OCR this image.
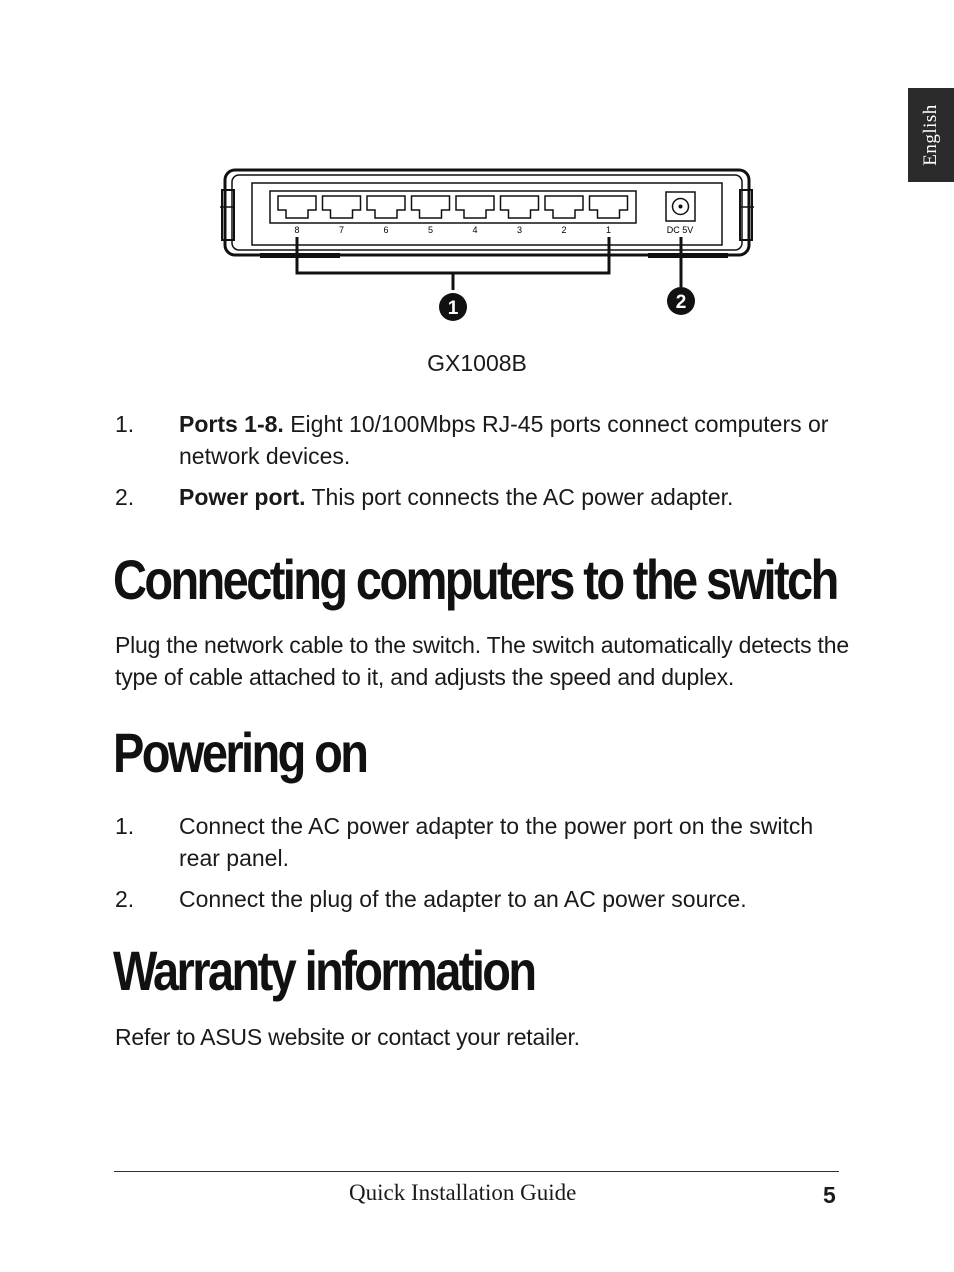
English
8	7	6	5	4	3	2	1	DC 5V
1	2
GX1008B
1. Ports 1-8. Eight 10/100Mbps RJ-45 ports connect computers or network devices.
2. Power port. This port connects the AC power adapter.
Connecting computers to the switch
Plug the network cable to the switch. The switch automatically detects the type of cable attached to it, and adjusts the speed and duplex.
Powering on
1. Connect the AC power adapter to the power port on the switch rear panel.
2. Connect the plug of the adapter to an AC power source.
Warranty information
Refer to ASUS website or contact your retailer.
Quick Installation Guide	5
